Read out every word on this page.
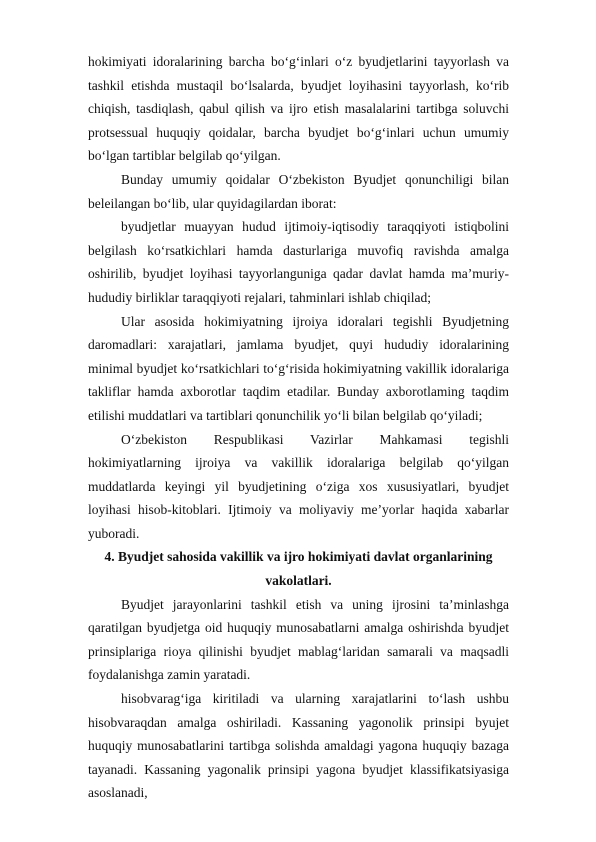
hokimiyati idoralarining barcha bo‘g‘inlari o‘z byudjetlarini tayyorlash va tashkil etishda mustaqil bo‘lsalarda, byudjet loyihasini tayyorlash, ko‘rib chiqish, tasdiqlash, qabul qilish va ijro etish masalalarini tartibga soluvchi protsessual huquqiy qoidalar, barcha byudjet bo‘g‘inlari uchun umumiy bo‘lgan tartiblar belgilab qo‘yilgan.

Bunday umumiy qoidalar O‘zbekiston Byudjet qonunchiligi bilan beleilangan bo‘lib, ular quyidagilardan iborat:

byudjetlar muayyan hudud ijtimoiy-iqtisodiy taraqqiyoti istiqbolini belgilash ko‘rsatkichlari hamda dasturlariga muvofiq ravishda amalga oshirilib, byudjet loyihasi tayyorlanguniga qadar davlat hamda ma’muriy-hududiy birliklar taraqqiyoti rejalari, tahminlari ishlab chiqilad;

Ular asosida hokimiyatning ijroiya idoralari tegishli Byudjetning daromadlari: xarajatlari, jamlama byudjet, quyi hududiy idoralarining minimal byudjet ko‘rsatkichlari to‘g‘risida hokimiyatning vakillik idoralariga takliflar hamda axborotlar taqdim etadilar. Bunday axborotlaming taqdim etilishi muddatlari va tartiblari qonunchilik yo‘li bilan belgilab qo‘yiladi;

O‘zbekiston Respublikasi Vazirlar Mahkamasi tegishli hokimiyatlarning ijroiya va vakillik idoralariga belgilab qo‘yilgan muddatlarda keyingi yil byudjetining o‘ziga xos xususiyatlari, byudjet loyihasi hisob-kitoblari. Ijtimoiy va moliyaviy me’yorlar haqida xabarlar yuboradi.

4. Byudjet sahosida vakillik va ijro hokimiyati davlat organlarining vakolatlari.

Byudjet jarayonlarini tashkil etish va uning ijrosini ta’minlashga qaratilgan byudjetga oid huquqiy munosabatlarni amalga oshirishda byudjet prinsiplariga rioya qilinishi byudjet mablag‘laridan samarali va maqsadli foydalanishga zamin yaratadi.

hisobvarag‘iga kiritiladi va ularning xarajatlarini to‘lash ushbu hisobvaraqdan amalga oshiriladi. Kassaning yagonolik prinsipi byujet huquqiy munosabatlarini tartibga solishda amaldagi yagona huquqiy bazaga tayanadi. Kassaning yagonalik prinsipi yagona byudjet klassifikatsiyasiga asoslanadi,
